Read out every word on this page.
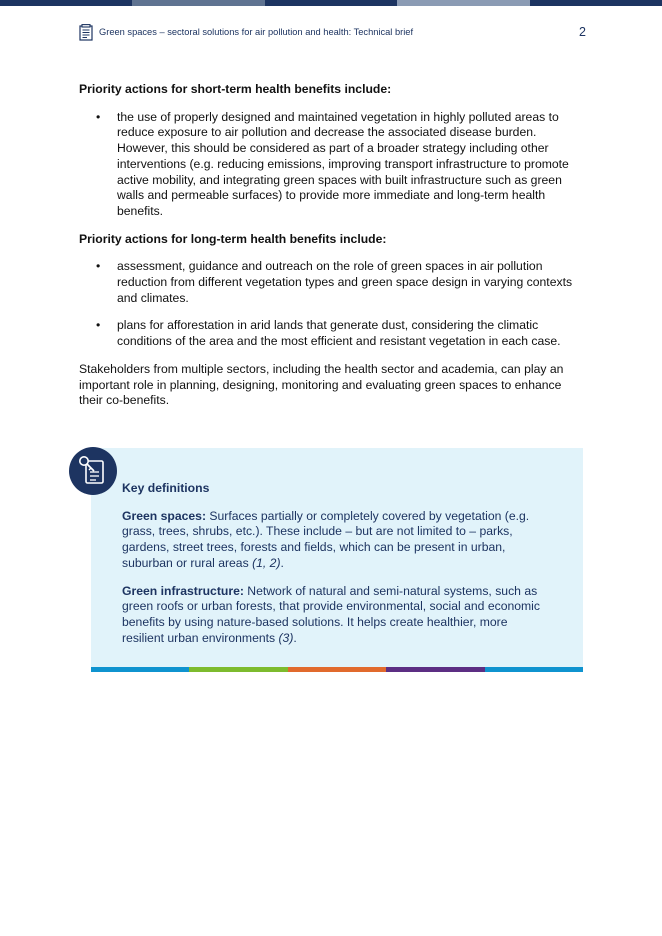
Green spaces – sectoral solutions for air pollution and health: Technical brief	2

Priority actions for short-term health benefits include:

• the use of properly designed and maintained vegetation in highly polluted areas to reduce exposure to air pollution and decrease the associated disease burden. However, this should be considered as part of a broader strategy including other interventions (e.g. reducing emissions, improving transport infrastructure to promote active mobility, and integrating green spaces with built infrastructure such as green walls and permeable surfaces) to provide more immediate and long-term health benefits.

Priority actions for long-term health benefits include:

• assessment, guidance and outreach on the role of green spaces in air pollution reduction from different vegetation types and green space design in varying contexts and climates.
• plans for afforestation in arid lands that generate dust, considering the climatic conditions of the area and the most efficient and resistant vegetation in each case.

Stakeholders from multiple sectors, including the health sector and academia, can play an important role in planning, designing, monitoring and evaluating green spaces to enhance their co-benefits.

Key definitions

Green spaces: Surfaces partially or completely covered by vegetation (e.g. grass, trees, shrubs, etc.). These include – but are not limited to – parks, gardens, street trees, forests and fields, which can be present in urban, suburban or rural areas (1, 2).

Green infrastructure: Network of natural and semi-natural systems, such as green roofs or urban forests, that provide environmental, social and economic benefits by using nature-based solutions. It helps create healthier, more resilient urban environments (3).
